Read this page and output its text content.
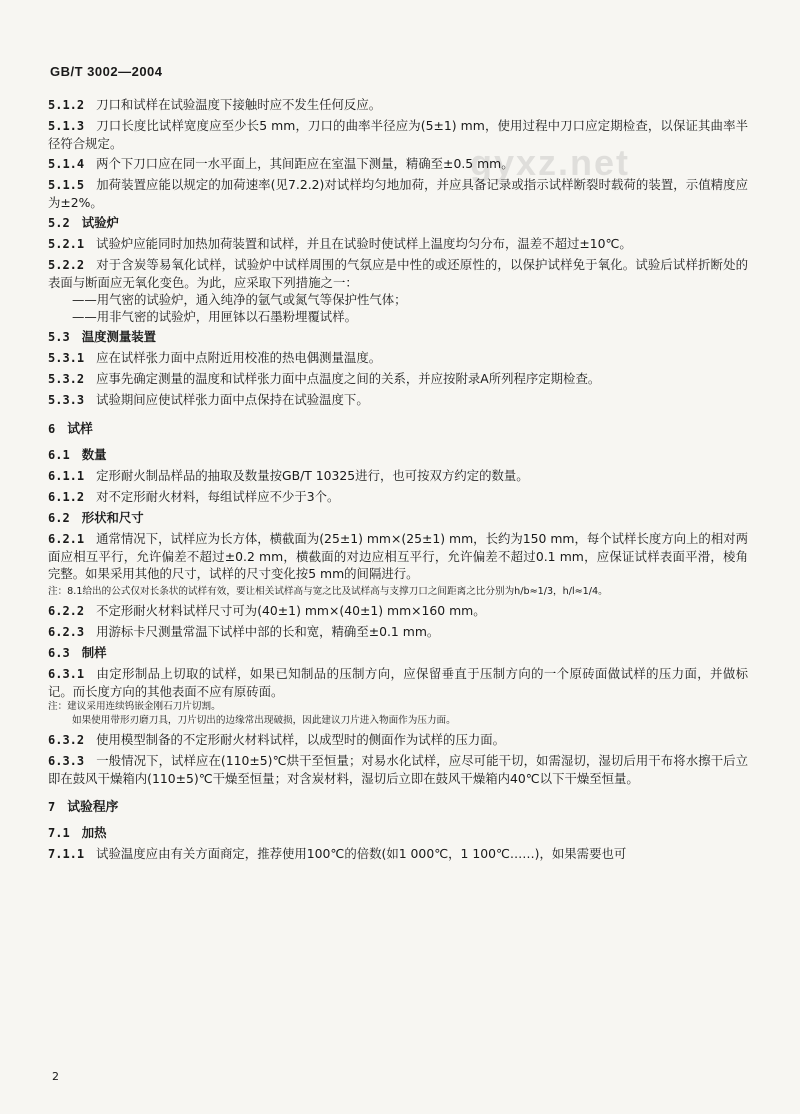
GB/T 3002—2004
gyxz.net
5.1.2 刀口和试样在试验温度下接触时应不发生任何反应。
5.1.3 刀口长度比试样宽度应至少长5 mm，刀口的曲率半径应为(5±1) mm，使用过程中刀口应定期检查，以保证其曲率半径符合规定。
5.1.4 两个下刀口应在同一水平面上，其间距应在室温下测量，精确至±0.5 mm。
5.1.5 加荷装置应能以规定的加荷速率(见7.2.2)对试样均匀地加荷，并应具备记录或指示试样断裂时载荷的装置，示值精度应为±2%。
5.2 试验炉
5.2.1 试验炉应能同时加热加荷装置和试样，并且在试验时使试样上温度均匀分布，温差不超过±10℃。
5.2.2 对于含炭等易氧化试样，试验炉中试样周围的气氛应是中性的或还原性的，以保护试样免于氧化。试验后试样折断处的表面与断面应无氧化变色。为此，应采取下列措施之一：
——用气密的试验炉，通入纯净的氩气或氮气等保护性气体；
——用非气密的试验炉，用匣钵以石墨粉埋覆试样。
5.3 温度测量装置
5.3.1 应在试样张力面中点附近用校准的热电偶测量温度。
5.3.2 应事先确定测量的温度和试样张力面中点温度之间的关系，并应按附录A所列程序定期检查。
5.3.3 试验期间应使试样张力面中点保持在试验温度下。
6 试样
6.1 数量
6.1.1 定形耐火制品样品的抽取及数量按GB/T 10325进行，也可按双方约定的数量。
6.1.2 对不定形耐火材料，每组试样应不少于3个。
6.2 形状和尺寸
6.2.1 通常情况下，试样应为长方体，横截面为(25±1) mm×(25±1) mm，长约为150 mm，每个试样长度方向上的相对两面应相互平行，允许偏差不超过±0.2 mm，横截面的对边应相互平行，允许偏差不超过0.1 mm，应保证试样表面平滑，棱角完整。如果采用其他的尺寸，试样的尺寸变化按5 mm的间隔进行。
注：8.1给出的公式仅对长条状的试样有效，要让相关试样高与宽之比及试样高与支撑刀口之间距离之比分别为h/b≈1/3，h/l≈1/4。
6.2.2 不定形耐火材料试样尺寸可为(40±1) mm×(40±1) mm×160 mm。
6.2.3 用游标卡尺测量常温下试样中部的长和宽，精确至±0.1 mm。
6.3 制样
6.3.1 由定形制品上切取的试样，如果已知制品的压制方向，应保留垂直于压制方向的一个原砖面做试样的压力面，并做标记。而长度方向的其他表面不应有原砖面。
注：建议采用连续钨嵌金刚石刀片切割。
如果使用带形刃磨刀具，刀片切出的边缘常出现破损，因此建议刀片进入物面作为压力面。
6.3.2 使用模型制备的不定形耐火材料试样，以成型时的侧面作为试样的压力面。
6.3.3 一般情况下，试样应在(110±5)℃烘干至恒量；对易水化试样，应尽可能干切，如需湿切，湿切后用干布将水擦干后立即在鼓风干燥箱内(110±5)℃干燥至恒量；对含炭材料，湿切后立即在鼓风干燥箱内40℃以下干燥至恒量。
7 试验程序
7.1 加热
7.1.1 试验温度应由有关方面商定，推荐使用100℃的倍数(如1 000℃，1 100℃……)，如果需要也可
2
